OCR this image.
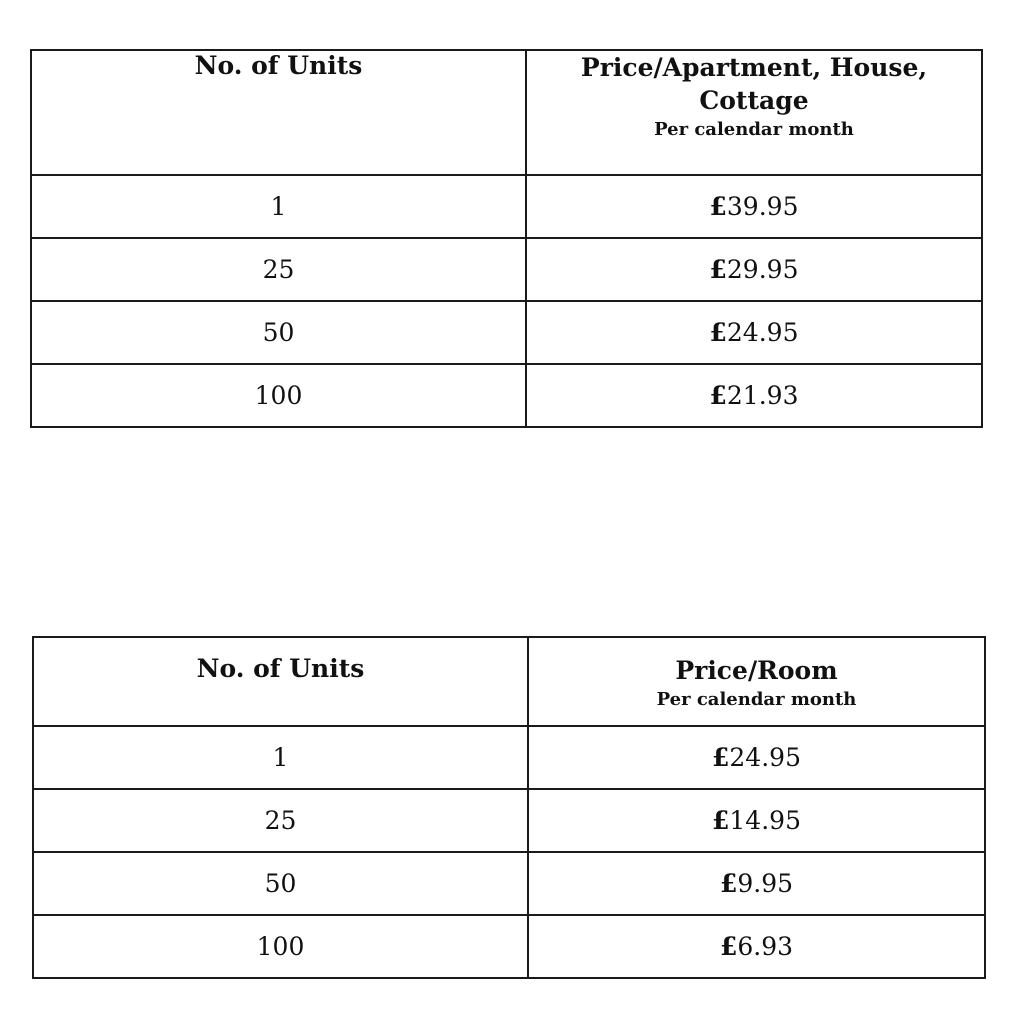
No. of Units	Price/Apartment, House,
Cottage
Per calendar month

1	£39.95
25	£29.95
50	£24.95
100	£21.93
No. of Units	Price/Room
Per calendar month

1	£24.95
25	£14.95
50	£9.95
100	£6.93
